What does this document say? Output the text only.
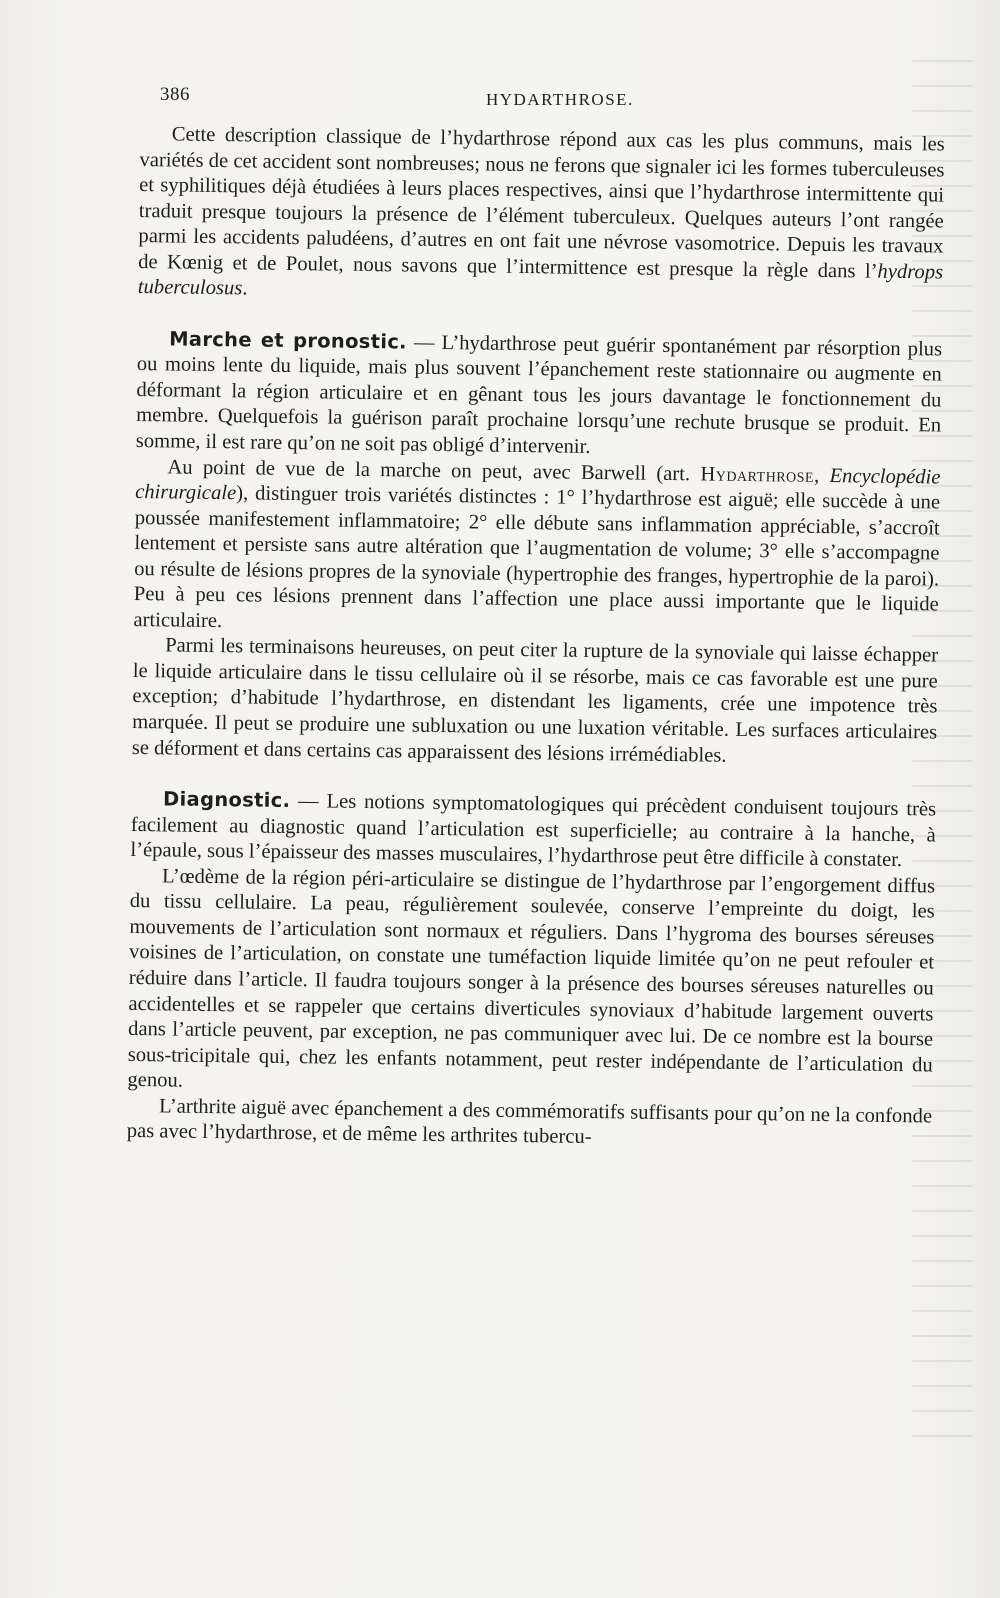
386	HYDARTHROSE.

Cette description classique de l’hydarthrose répond aux cas les plus communs, mais les variétés de cet accident sont nombreuses; nous ne ferons que signaler ici les formes tuberculeuses et syphilitiques déjà étudiées à leurs places respectives, ainsi que l’hydarthrose intermittente qui traduit presque toujours la présence de l’élément tuberculeux. Quelques auteurs l’ont rangée parmi les accidents paludéens, d’autres en ont fait une névrose vasomotrice. Depuis les travaux de Kœnig et de Poulet, nous savons que l’intermittence est presque la règle dans l’hydrops tuberculosus.

Marche et pronostic. — L’hydarthrose peut guérir spontanément par résorption plus ou moins lente du liquide, mais plus souvent l’épanchement reste stationnaire ou augmente en déformant la région articulaire et en gênant tous les jours davantage le fonctionnement du membre. Quelquefois la guérison paraît prochaine lorsqu’une rechute brusque se produit. En somme, il est rare qu’on ne soit pas obligé d’intervenir.

Au point de vue de la marche on peut, avec Barwell (art. Hydarthrose, Encyclopédie chirurgicale), distinguer trois variétés distinctes : 1° l’hydarthrose est aiguë; elle succède à une poussée manifestement inflammatoire; 2° elle débute sans inflammation appréciable, s’accroît lentement et persiste sans autre altération que l’augmentation de volume; 3° elle s’accompagne ou résulte de lésions propres de la synoviale (hypertrophie des franges, hypertrophie de la paroi). Peu à peu ces lésions prennent dans l’affection une place aussi importante que le liquide articulaire.

Parmi les terminaisons heureuses, on peut citer la rupture de la synoviale qui laisse échapper le liquide articulaire dans le tissu cellulaire où il se résorbe, mais ce cas favorable est une pure exception; d’habitude l’hydarthrose, en distendant les ligaments, crée une impotence très marquée. Il peut se produire une subluxation ou une luxation véritable. Les surfaces articulaires se déforment et dans certains cas apparaissent des lésions irrémédiables.

Diagnostic. — Les notions symptomatologiques qui précèdent conduisent toujours très facilement au diagnostic quand l’articulation est superficielle; au contraire à la hanche, à l’épaule, sous l’épaisseur des masses musculaires, l’hydarthrose peut être difficile à constater.

L’œdème de la région péri-articulaire se distingue de l’hydarthrose par l’engorgement diffus du tissu cellulaire. La peau, régulièrement soulevée, conserve l’empreinte du doigt, les mouvements de l’articulation sont normaux et réguliers. Dans l’hygroma des bourses séreuses voisines de l’articulation, on constate une tuméfaction liquide limitée qu’on ne peut refouler et réduire dans l’article. Il faudra toujours songer à la présence des bourses séreuses naturelles ou accidentelles et se rappeler que certains diverticules synoviaux d’habitude largement ouverts dans l’article peuvent, par exception, ne pas communiquer avec lui. De ce nombre est la bourse sous-tricipitale qui, chez les enfants notamment, peut rester indépendante de l’articulation du genou.

L’arthrite aiguë avec épanchement a des commémoratifs suffisants pour qu’on ne la confonde pas avec l’hydarthrose, et de même les arthrites tubercu-
